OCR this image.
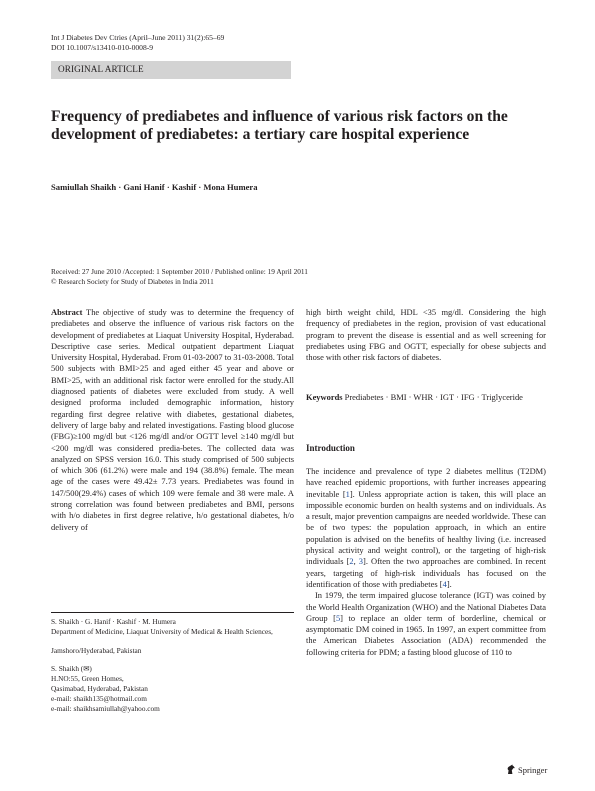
Int J Diabetes Dev Ctries (April–June 2011) 31(2):65–69
DOI 10.1007/s13410-010-0008-9
ORIGINAL ARTICLE
Frequency of prediabetes and influence of various risk factors on the development of prediabetes: a tertiary care hospital experience
Samiullah Shaikh · Gani Hanif · Kashif · Mona Humera
Received: 27 June 2010 /Accepted: 1 September 2010 / Published online: 19 April 2011
© Research Society for Study of Diabetes in India 2011

Abstract The objective of study was to determine the frequency of prediabetes and observe the influence of various risk factors on the development of prediabetes at Liaquat University Hospital, Hyderabad. Descriptive case series. Medical outpatient department Liaquat University Hospital, Hyderabad. From 01-03-2007 to 31-03-2008. Total 500 subjects with BMI>25 and aged either 45 year and above or BMI>25, with an additional risk factor were enrolled for the study.All diagnosed patients of diabetes were excluded from study. A well designed proforma included demographic information, history regarding first degree relative with diabetes, gestational diabetes, delivery of large baby and related investigations. Fasting blood glucose (FBG)≥100 mg/dl but <126 mg/dl and/or OGTT level ≥140 mg/dl but <200 mg/dl was considered predia-betes. The collected data was analyzed on SPSS version 16.0. This study comprised of 500 subjects of which 306 (61.2%) were male and 194 (38.8%) female. The mean age of the cases were 49.42± 7.73 years. Prediabetes was found in 147/500(29.4%) cases of which 109 were female and 38 were male. A strong correlation was found between prediabetes and BMI, persons with h/o diabetes in first degree relative, h/o gestational diabetes, h/o delivery of

high birth weight child, HDL <35 mg/dl. Considering the high frequency of prediabetes in the region, provision of vast educational program to prevent the disease is essential and as well screening for prediabetes using FBG and OGTT, especially for obese subjects and those with other risk factors of diabetes.

Keywords Prediabetes · BMI · WHR · IGT · IFG · Triglyceride
Introduction

The incidence and prevalence of type 2 diabetes mellitus (T2DM) have reached epidemic proportions, with further increases appearing inevitable [1]. Unless appropriate action is taken, this will place an impossible economic burden on health systems and on individuals. As a result, major prevention campaigns are needed worldwide. These can be of two types: the population approach, in which an entire population is advised on the benefits of healthy living (i.e. increased physical activity and weight control), or the targeting of high-risk individuals [2, 3]. Often the two approaches are combined. In recent years, targeting of high-risk individuals has focused on the identification of those with prediabetes [4].

In 1979, the term impaired glucose tolerance (IGT) was coined by the World Health Organization (WHO) and the National Diabetes Data Group [5] to replace an older term of borderline, chemical or asymptomatic DM coined in 1965. In 1997, an expert committee from the American Diabetes Association (ADA) recommended the following criteria for PDM; a fasting blood glucose of 110 to

S. Shaikh · G. Hanif · Kashif · M. Humera
Department of Medicine, Liaquat University of Medical & Health Sciences,
Jamshoro/Hyderabad, Pakistan
S. Shaikh (✉)
H.NO:55, Green Homes,
Qasimabad, Hyderabad, Pakistan
e-mail: shaikh135@hotmail.com
e-mail: shaikhsamiullah@yahoo.com
Springer
